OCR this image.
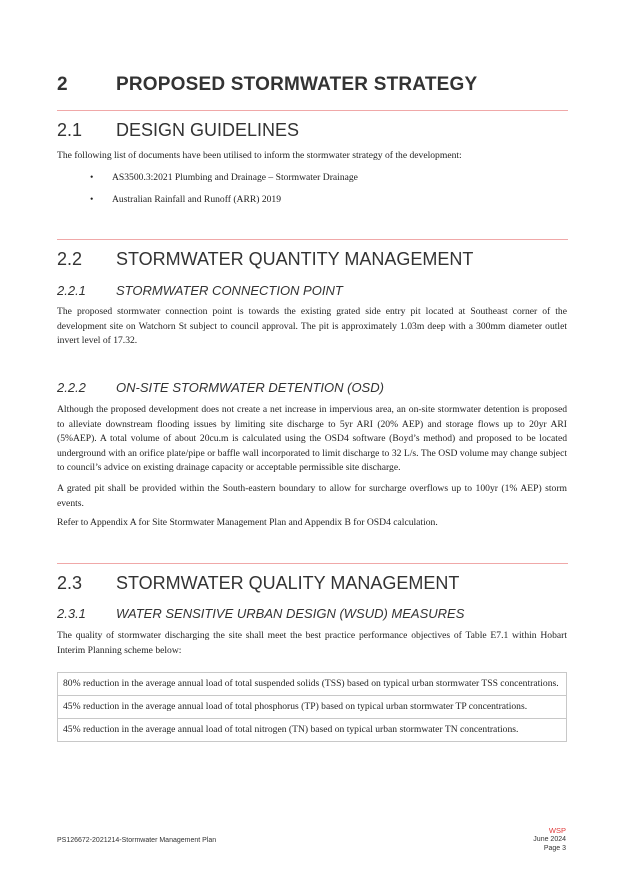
2	PROPOSED STORMWATER STRATEGY
2.1 DESIGN GUIDELINES
The following list of documents have been utilised to inform the stormwater strategy of the development:
• AS3500.3:2021 Plumbing and Drainage – Stormwater Drainage
• Australian Rainfall and Runoff (ARR) 2019
2.2 STORMWATER QUANTITY MANAGEMENT
2.2.1 STORMWATER CONNECTION POINT
The proposed stormwater connection point is towards the existing grated side entry pit located at Southeast corner of the development site on Watchorn St subject to council approval. The pit is approximately 1.03m deep with a 300mm diameter outlet invert level of 17.32.
2.2.2 ON-SITE STORMWATER DETENTION (OSD)
Although the proposed development does not create a net increase in impervious area, an on-site stormwater detention is proposed to alleviate downstream flooding issues by limiting site discharge to 5yr ARI (20% AEP) and storage flows up to 20yr ARI (5%AEP). A total volume of about 20cu.m is calculated using the OSD4 software (Boyd’s method) and proposed to be located underground with an orifice plate/pipe or baffle wall incorporated to limit discharge to 32 L/s. The OSD volume may change subject to council’s advice on existing drainage capacity or acceptable permissible site discharge.
A grated pit shall be provided within the South-eastern boundary to allow for surcharge overflows up to 100yr (1% AEP) storm events.
Refer to Appendix A for Site Stormwater Management Plan and Appendix B for OSD4 calculation.
2.3 STORMWATER QUALITY MANAGEMENT
2.3.1 WATER SENSITIVE URBAN DESIGN (WSUD) MEASURES
The quality of stormwater discharging the site shall meet the best practice performance objectives of Table E7.1 within Hobart Interim Planning scheme below:
80% reduction in the average annual load of total suspended solids (TSS) based on typical urban stormwater TSS concentrations.
45% reduction in the average annual load of total phosphorus (TP) based on typical urban stormwater TP concentrations.
45% reduction in the average annual load of total nitrogen (TN) based on typical urban stormwater TN concentrations.
PS126672-2021214-Stormwater Management Plan
WSP
June 2024
Page 3
